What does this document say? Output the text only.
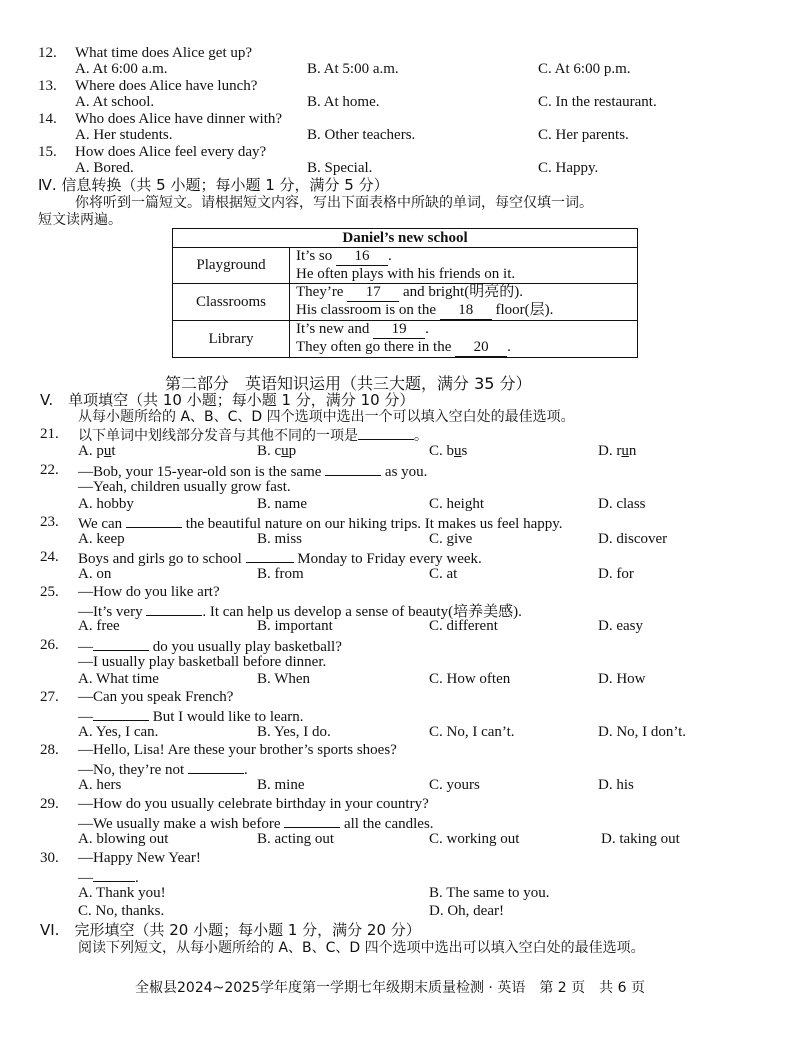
12. What time does Alice get up?
A. At 6:00 a.m.	B. At 5:00 a.m.	C. At 6:00 p.m.
13. Where does Alice have lunch?
A. At school.	B. At home.	C. In the restaurant.
14. Who does Alice have dinner with?
A. Her students.	B. Other teachers.	C. Her parents.
15. How does Alice feel every day?
A. Bored.	B. Special.	C. Happy.
Ⅳ. 信息转换（共 5 小题；每小题 1 分，满分 5 分）
你将听到一篇短文。请根据短文内容，写出下面表格中所缺的单词，每空仅填一词。
短文读两遍。
Daniel’s new school	
Playground	It’s so 16 .
He often plays with his friends on it.
Classrooms	They’re 17 and bright(明亮的).
His classroom is on the 18 floor(层).
Library	It’s new and 19 .
They often go there in the 20 .
第二部分　英语知识运用（共三大题，满分 35 分）
V.　单项填空（共 10 小题；每小题 1 分，满分 10 分）
从每小题所给的 A、B、C、D 四个选项中选出一个可以填入空白处的最佳选项。
21. 以下单词中划线部分发音与其他不同的一项是	。
A. put	B. cup	C. bus	D. run
22. —Bob, your 15-year-old son is the same	as you.
—Yeah, children usually grow fast.
A. hobby	B. name	C. height	D. class
23. We can	the beautiful nature on our hiking trips. It makes us feel happy.
A. keep	B. miss	C. give	D. discover
24. Boys and girls go to school	Monday to Friday every week.
A. on	B. from	C. at	D. for
25. —How do you like art?
—It’s very	. It can help us develop a sense of beauty(培养美感).
A. free	B. important	C. different	D. easy
26. —	do you usually play basketball?
—I usually play basketball before dinner.
A. What time	B. When	C. How often	D. How
27. —Can you speak French?
—	But I would like to learn.
A. Yes, I can.	B. Yes, I do.	C. No, I can’t.	D. No, I don’t.
28. —Hello, Lisa! Are these your brother’s sports shoes?
—No, they’re not	.
A. hers	B. mine	C. yours	D. his
29. —How do you usually celebrate birthday in your country?
—We usually make a wish before	all the candles.
A. blowing out	B. acting out	C. working out	D. taking out
30. —Happy New Year!
—	.
A. Thank you!	B. The same to you.
C. No, thanks.	D. Oh, dear!
VI.　完形填空（共 20 小题；每小题 1 分，满分 20 分）
阅读下列短文，从每小题所给的 A、B、C、D 四个选项中选出可以填入空白处的最佳选项。
全椒县2024~2025学年度第一学期七年级期末质量检测 · 英语　第 2 页　共 6 页
